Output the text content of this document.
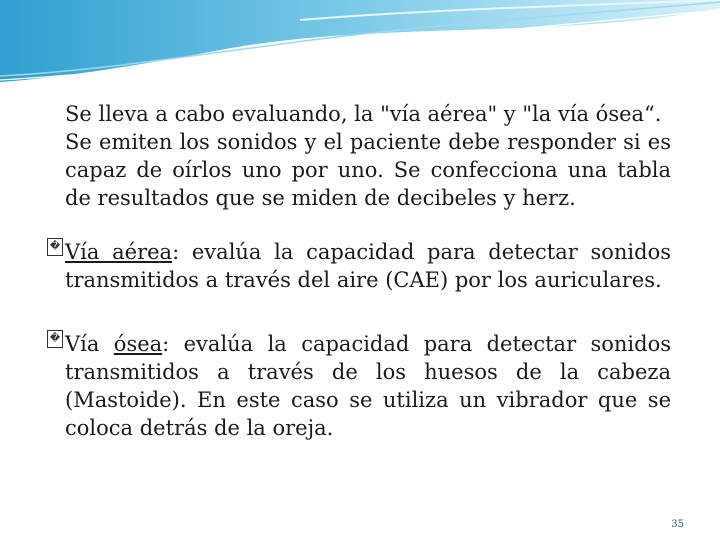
Se lleva a cabo evaluando, la "vía aérea" y "la vía ósea“.

Se emiten los sonidos y el paciente debe responder si es capaz de oírlos uno por uno. Se confecciona una tabla de resultados que se miden de decibeles y herz.

� Vía aérea: evalúa la capacidad para detectar sonidos transmitidos a través del aire (CAE) por los auriculares.

� Vía ósea: evalúa la capacidad para detectar sonidos transmitidos a través de los huesos de la cabeza (Mastoide). En este caso se utiliza un vibrador que se coloca detrás de la oreja.

35
